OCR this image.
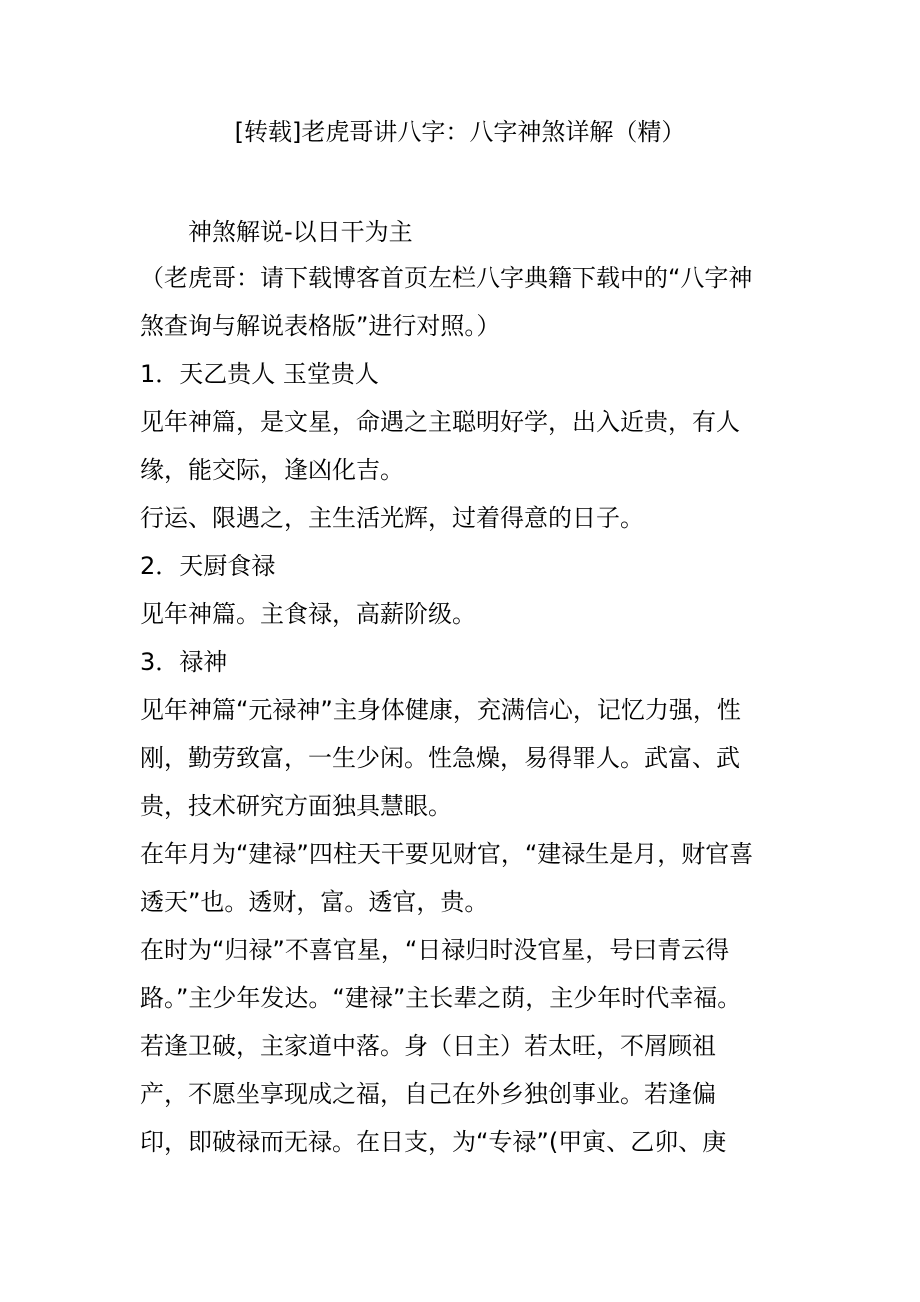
[转载]老虎哥讲八字：八字神煞详解（精）
神煞解说-以日干为主
（老虎哥：请下载博客首页左栏八字典籍下载中的“八字神
煞查询与解说表格版”进行对照。）
1．天乙贵人 玉堂贵人
见年神篇，是文星，命遇之主聪明好学，出入近贵，有人
缘，能交际，逢凶化吉。
行运、限遇之，主生活光辉，过着得意的日子。
2．天厨食禄
见年神篇。主食禄，高薪阶级。
3．禄神
见年神篇“元禄神”主身体健康，充满信心，记忆力强，性
刚，勤劳致富，一生少闲。性急燥，易得罪人。武富、武
贵，技术研究方面独具慧眼。
在年月为“建禄”四柱天干要见财官，“建禄生是月，财官喜
透天”也。透财，富。透官，贵。
在时为“归禄”不喜官星，“日禄归时没官星，号曰青云得
路。”主少年发达。“建禄”主长辈之荫，主少年时代幸福。
若逢卫破，主家道中落。身（日主）若太旺，不屑顾祖
产，不愿坐享现成之福，自己在外乡独创事业。若逢偏
印，即破禄而无禄。在日支，为“专禄”(甲寅、乙卯、庚
